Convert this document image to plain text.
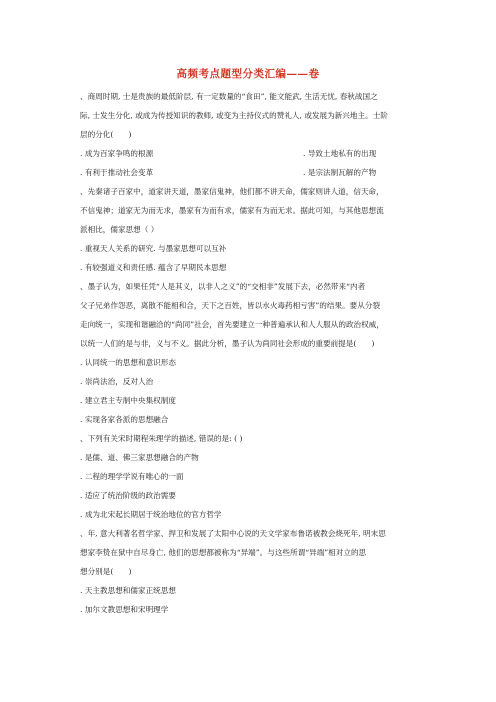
高频考点题型分类汇编——卷
、商周时期, 士是贵族的最低阶层, 有一定数量的“食田”, 能文能武, 生活无忧, 春秋战国之
际, 士发生分化, 或成为传授知识的教师, 或变为主持仪式的赞礼人, 或发展为新兴地主。士阶
层的分化(　　)
. 成为百家争鸣的根源	. 导致土地私有的出现
. 有利于推动社会变革	. 是宗法制瓦解的产物
、先秦诸子百家中，道家讲天道，墨家信鬼神，他们都不讲天命，儒家则讲人道，信天命，
不信鬼神；道家无为而无求，墨家有为而有求，儒家有为而无求。据此可知，与其他思想流
派相比，儒家思想（ ）
. 重视天人关系的研究. 与墨家思想可以互补
. 有较强道义和责任感. 蕴含了早期民本思想
、墨子认为，如果任凭“人是其义，以非人之义”的“交相非”发展下去，必然带来“内者
父子兄弟作怨恶，离散不能相和合，天下之百姓，皆以水火毒药相亏害”的结果。要从分裂
走向统一，实现和谐融洽的“尚同”社会，首先要建立一种普遍承认和人人服从的政治权威，
以统一人们的是与非，义与不义。据此分析，墨子认为尚同社会形成的重要前提是(　　)
. 认同统一的思想和意识形态
. 崇尚法治，反对人治
. 建立君主专制中央集权制度
. 实现各家各派的思想融合
、下列有关宋时期程朱理学的描述, 错误的是: ( )
. 是儒、道、佛三家思想融合的产物
. 二程的理学学说有唯心的一面
. 适应了统治阶级的政治需要
. 成为北宋起长期居于统治地位的官方哲学
、年, 意大利著名哲学家、捍卫和发展了太阳中心说的天文学家布鲁诺被教会烧死年, 明末思
想家李贽在狱中自尽身亡, 他们的思想都被称为“异端”。与这些所谓“异端”相对立的思
想分别是(　　)
. 天主教思想和儒家正统思想
. 加尔文教思想和宋明理学
